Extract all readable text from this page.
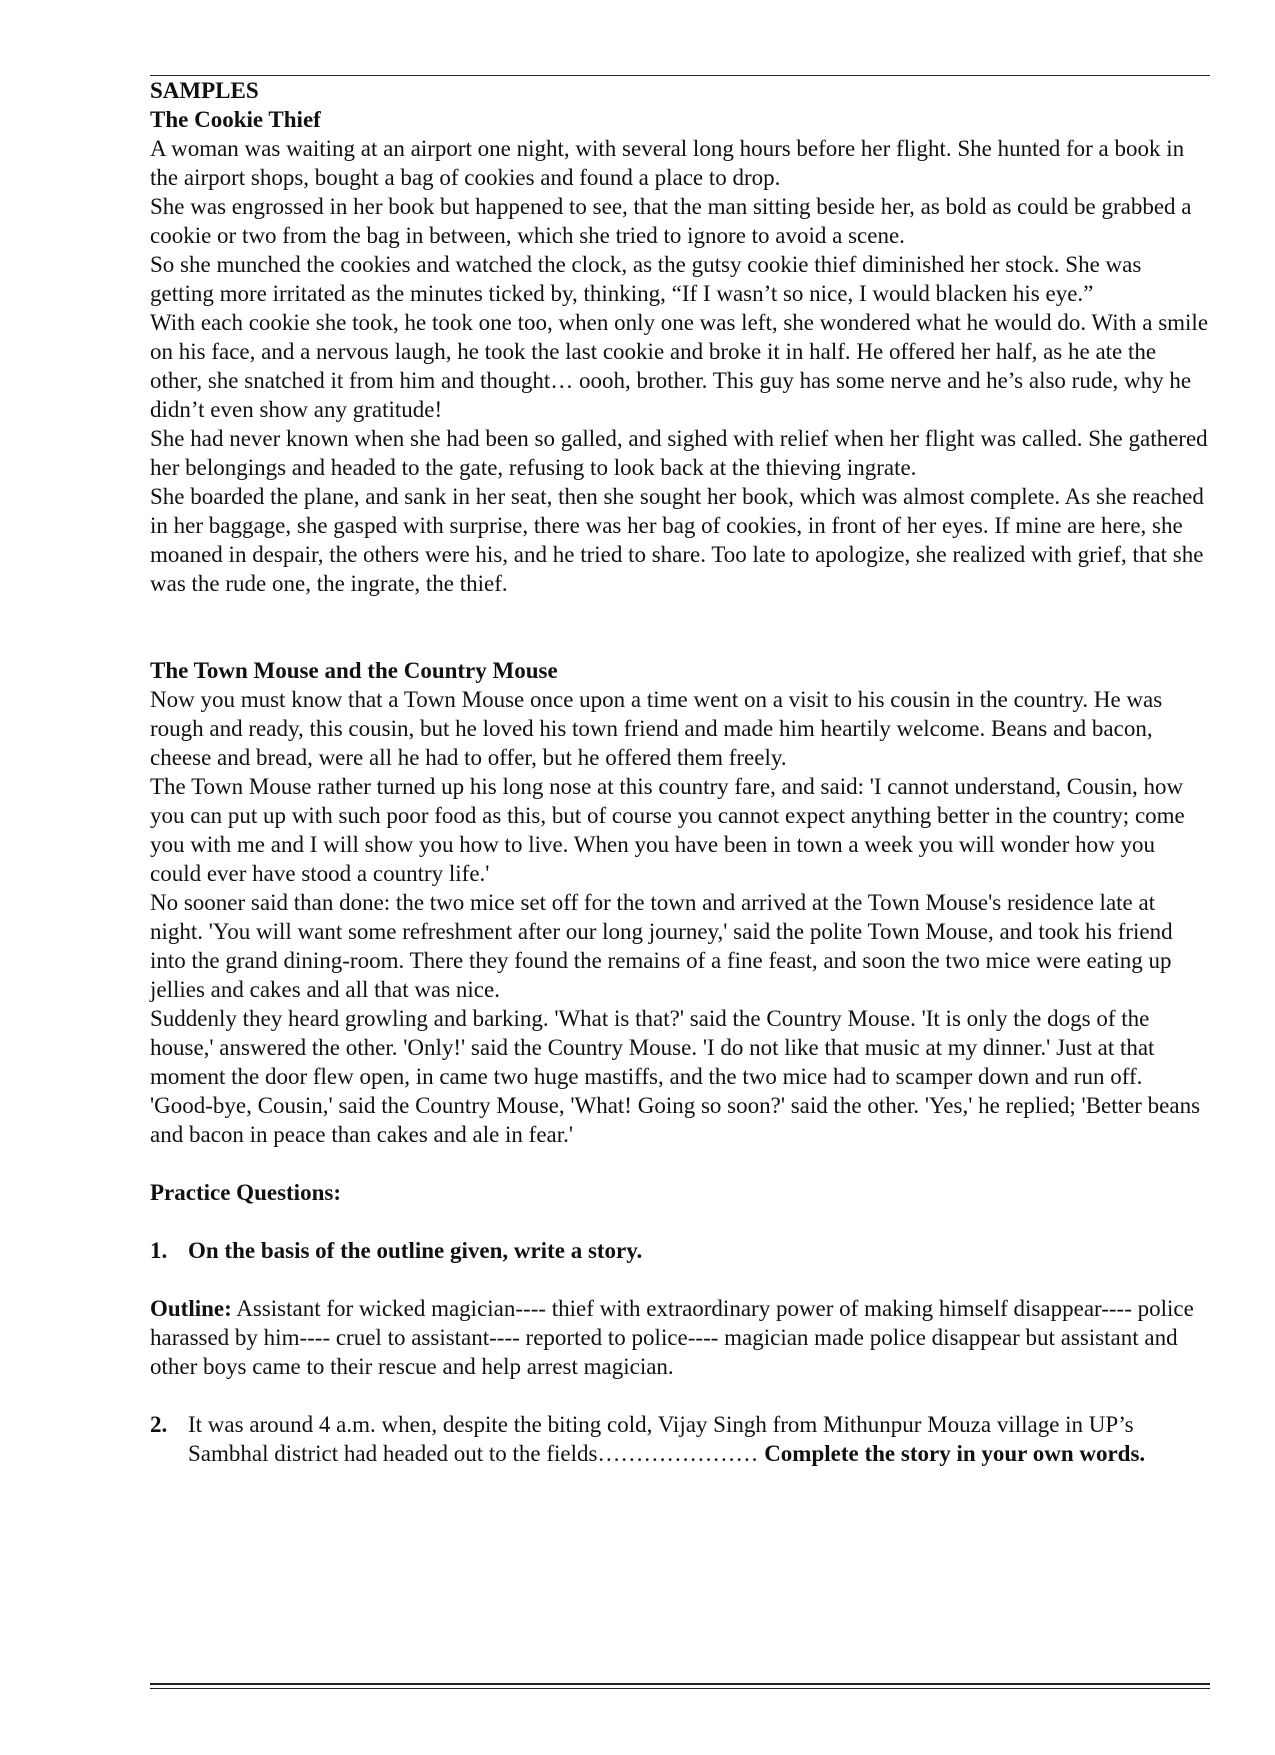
SAMPLES

The Cookie Thief

A woman was waiting at an airport one night, with several long hours before her flight. She hunted for a book in the airport shops, bought a bag of cookies and found a place to drop.

She was engrossed in her book but happened to see, that the man sitting beside her, as bold as could be grabbed a cookie or two from the bag in between, which she tried to ignore to avoid a scene.

So she munched the cookies and watched the clock, as the gutsy cookie thief diminished her stock. She was getting more irritated as the minutes ticked by, thinking, “If I wasn’t so nice, I would blacken his eye.”

With each cookie she took, he took one too, when only one was left, she wondered what he would do. With a smile on his face, and a nervous laugh, he took the last cookie and broke it in half. He offered her half, as he ate the other, she snatched it from him and thought… oooh, brother. This guy has some nerve and he’s also rude, why he didn’t even show any gratitude!

She had never known when she had been so galled, and sighed with relief when her flight was called. She gathered her belongings and headed to the gate, refusing to look back at the thieving ingrate.

She boarded the plane, and sank in her seat, then she sought her book, which was almost complete. As she reached in her baggage, she gasped with surprise, there was her bag of cookies, in front of her eyes. If mine are here, she moaned in despair, the others were his, and he tried to share. Too late to apologize, she realized with grief, that she was the rude one, the ingrate, the thief.

The Town Mouse and the Country Mouse

Now you must know that a Town Mouse once upon a time went on a visit to his cousin in the country. He was rough and ready, this cousin, but he loved his town friend and made him heartily welcome. Beans and bacon, cheese and bread, were all he had to offer, but he offered them freely.

The Town Mouse rather turned up his long nose at this country fare, and said: 'I cannot understand, Cousin, how you can put up with such poor food as this, but of course you cannot expect anything better in the country; come you with me and I will show you how to live. When you have been in town a week you will wonder how you could ever have stood a country life.'

No sooner said than done: the two mice set off for the town and arrived at the Town Mouse's residence late at night. 'You will want some refreshment after our long journey,' said the polite Town Mouse, and took his friend into the grand dining-room. There they found the remains of a fine feast, and soon the two mice were eating up jellies and cakes and all that was nice.

Suddenly they heard growling and barking. 'What is that?' said the Country Mouse. 'It is only the dogs of the house,' answered the other. 'Only!' said the Country Mouse. 'I do not like that music at my dinner.' Just at that moment the door flew open, in came two huge mastiffs, and the two mice had to scamper down and run off. 'Good-bye, Cousin,' said the Country Mouse, 'What! Going so soon?' said the other. 'Yes,' he replied; 'Better beans and bacon in peace than cakes and ale in fear.'

Practice Questions:

1. On the basis of the outline given, write a story.

Outline: Assistant for wicked magician---- thief with extraordinary power of making himself disappear---- police harassed by him---- cruel to assistant---- reported to police---- magician made police disappear but assistant and other boys came to their rescue and help arrest magician.

2. It was around 4 a.m. when, despite the biting cold, Vijay Singh from Mithunpur Mouza village in UP’s Sambhal district had headed out to the fields………………… Complete the story in your own words.
